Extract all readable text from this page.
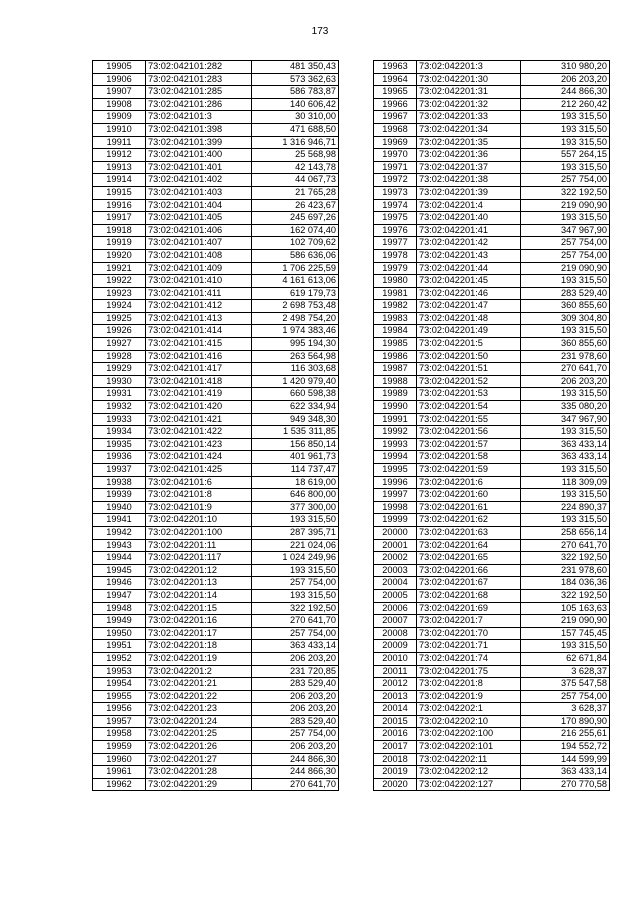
173
19905	73:02:042101:282	481 350,43
19906	73:02:042101:283	573 362,63
19907	73:02:042101:285	586 783,87
19908	73:02:042101:286	140 606,42
19909	73:02:042101:3	30 310,00
19910	73:02:042101:398	471 688,50
19911	73:02:042101:399	1 316 946,71
19912	73:02:042101:400	25 568,98
19913	73:02:042101:401	42 143,78
19914	73:02:042101:402	44 067,73
19915	73:02:042101:403	21 765,28
19916	73:02:042101:404	26 423,67
19917	73:02:042101:405	245 697,26
19918	73:02:042101:406	162 074,40
19919	73:02:042101:407	102 709,62
19920	73:02:042101:408	586 636,06
19921	73:02:042101:409	1 706 225,59
19922	73:02:042101:410	4 161 613,06
19923	73:02:042101:411	619 179,73
19924	73:02:042101:412	2 698 753,48
19925	73:02:042101:413	2 498 754,20
19926	73:02:042101:414	1 974 383,46
19927	73:02:042101:415	995 194,30
19928	73:02:042101:416	263 564,98
19929	73:02:042101:417	116 303,68
19930	73:02:042101:418	1 420 979,40
19931	73:02:042101:419	660 598,38
19932	73:02:042101:420	622 334,94
19933	73:02:042101:421	949 348,30
19934	73:02:042101:422	1 535 311,85
19935	73:02:042101:423	156 850,14
19936	73:02:042101:424	401 961,73
19937	73:02:042101:425	114 737,47
19938	73:02:042101:6	18 619,00
19939	73:02:042101:8	646 800,00
19940	73:02:042101:9	377 300,00
19941	73:02:042201:10	193 315,50
19942	73:02:042201:100	287 395,71
19943	73:02:042201:11	221 024,06
19944	73:02:042201:117	1 024 249,96
19945	73:02:042201:12	193 315,50
19946	73:02:042201:13	257 754,00
19947	73:02:042201:14	193 315,50
19948	73:02:042201:15	322 192,50
19949	73:02:042201:16	270 641,70
19950	73:02:042201:17	257 754,00
19951	73:02:042201:18	363 433,14
19952	73:02:042201:19	206 203,20
19953	73:02:042201:2	231 720,85
19954	73:02:042201:21	283 529,40
19955	73:02:042201:22	206 203,20
19956	73:02:042201:23	206 203,20
19957	73:02:042201:24	283 529,40
19958	73:02:042201:25	257 754,00
19959	73:02:042201:26	206 203,20
19960	73:02:042201:27	244 866,30
19961	73:02:042201:28	244 866,30
19962	73:02:042201:29	270 641,70
19963	73:02:042201:3	310 980,20
19964	73:02:042201:30	206 203,20
19965	73:02:042201:31	244 866,30
19966	73:02:042201:32	212 260,42
19967	73:02:042201:33	193 315,50
19968	73:02:042201:34	193 315,50
19969	73:02:042201:35	193 315,50
19970	73:02:042201:36	557 264,15
19971	73:02:042201:37	193 315,50
19972	73:02:042201:38	257 754,00
19973	73:02:042201:39	322 192,50
19974	73:02:042201:4	219 090,90
19975	73:02:042201:40	193 315,50
19976	73:02:042201:41	347 967,90
19977	73:02:042201:42	257 754,00
19978	73:02:042201:43	257 754,00
19979	73:02:042201:44	219 090,90
19980	73:02:042201:45	193 315,50
19981	73:02:042201:46	283 529,40
19982	73:02:042201:47	360 855,60
19983	73:02:042201:48	309 304,80
19984	73:02:042201:49	193 315,50
19985	73:02:042201:5	360 855,60
19986	73:02:042201:50	231 978,60
19987	73:02:042201:51	270 641,70
19988	73:02:042201:52	206 203,20
19989	73:02:042201:53	193 315,50
19990	73:02:042201:54	335 080,20
19991	73:02:042201:55	347 967,90
19992	73:02:042201:56	193 315,50
19993	73:02:042201:57	363 433,14
19994	73:02:042201:58	363 433,14
19995	73:02:042201:59	193 315,50
19996	73:02:042201:6	118 309,09
19997	73:02:042201:60	193 315,50
19998	73:02:042201:61	224 890,37
19999	73:02:042201:62	193 315,50
20000	73:02:042201:63	258 656,14
20001	73:02:042201:64	270 641,70
20002	73:02:042201:65	322 192,50
20003	73:02:042201:66	231 978,60
20004	73:02:042201:67	184 036,36
20005	73:02:042201:68	322 192,50
20006	73:02:042201:69	105 163,63
20007	73:02:042201:7	219 090,90
20008	73:02:042201:70	157 745,45
20009	73:02:042201:71	193 315,50
20010	73:02:042201:74	62 671,84
20011	73:02:042201:75	3 628,37
20012	73:02:042201:8	375 547,58
20013	73:02:042201:9	257 754,00
20014	73:02:042202:1	3 628,37
20015	73:02:042202:10	170 890,90
20016	73:02:042202:100	216 255,61
20017	73:02:042202:101	194 552,72
20018	73:02:042202:11	144 599,99
20019	73:02:042202:12	363 433,14
20020	73:02:042202:127	270 770,58
